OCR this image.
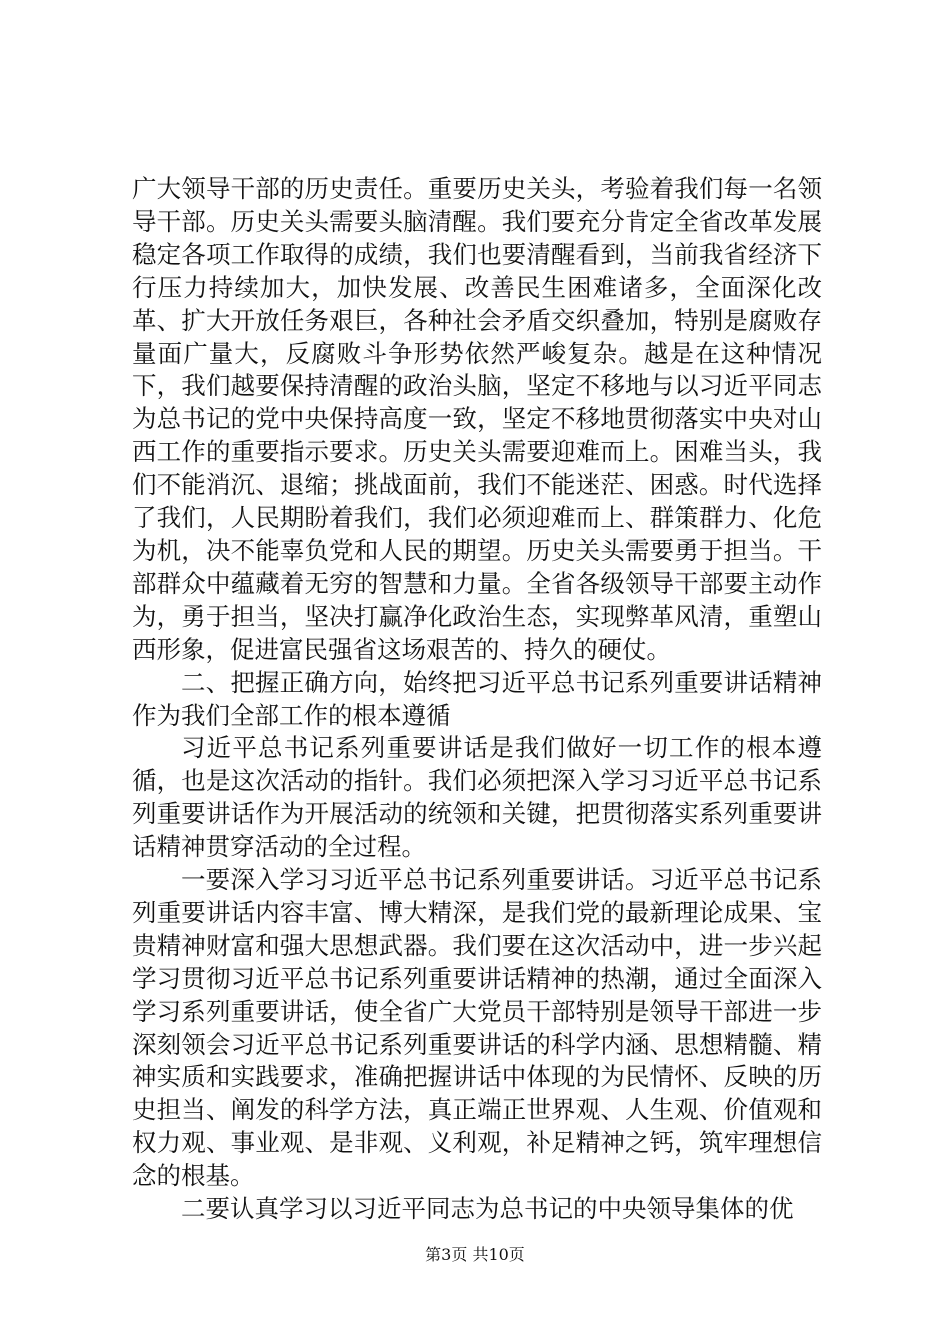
广大领导干部的历史责任。重要历史关头，考验着我们每一名领导干部。历史关头需要头脑清醒。我们要充分肯定全省改革发展稳定各项工作取得的成绩，我们也要清醒看到，当前我省经济下行压力持续加大，加快发展、改善民生困难诸多，全面深化改革、扩大开放任务艰巨，各种社会矛盾交织叠加，特别是腐败存量面广量大，反腐败斗争形势依然严峻复杂。越是在这种情况下，我们越要保持清醒的政治头脑，坚定不移地与以习近平同志为总书记的党中央保持高度一致，坚定不移地贯彻落实中央对山西工作的重要指示要求。历史关头需要迎难而上。困难当头，我们不能消沉、退缩；挑战面前，我们不能迷茫、困惑。时代选择了我们，人民期盼着我们，我们必须迎难而上、群策群力、化危为机，决不能辜负党和人民的期望。历史关头需要勇于担当。干部群众中蕴藏着无穷的智慧和力量。全省各级领导干部要主动作为，勇于担当，坚决打赢净化政治生态，实现弊革风清，重塑山西形象，促进富民强省这场艰苦的、持久的硬仗。

二、把握正确方向，始终把习近平总书记系列重要讲话精神作为我们全部工作的根本遵循

习近平总书记系列重要讲话是我们做好一切工作的根本遵循，也是这次活动的指针。我们必须把深入学习习近平总书记系列重要讲话作为开展活动的统领和关键，把贯彻落实系列重要讲话精神贯穿活动的全过程。

一要深入学习习近平总书记系列重要讲话。习近平总书记系列重要讲话内容丰富、博大精深，是我们党的最新理论成果、宝贵精神财富和强大思想武器。我们要在这次活动中，进一步兴起学习贯彻习近平总书记系列重要讲话精神的热潮，通过全面深入学习系列重要讲话，使全省广大党员干部特别是领导干部进一步深刻领会习近平总书记系列重要讲话的科学内涵、思想精髓、精神实质和实践要求，准确把握讲话中体现的为民情怀、反映的历史担当、阐发的科学方法，真正端正世界观、人生观、价值观和权力观、事业观、是非观、义利观，补足精神之钙，筑牢理想信念的根基。

二要认真学习以习近平同志为总书记的中央领导集体的优

第3页 共10页
